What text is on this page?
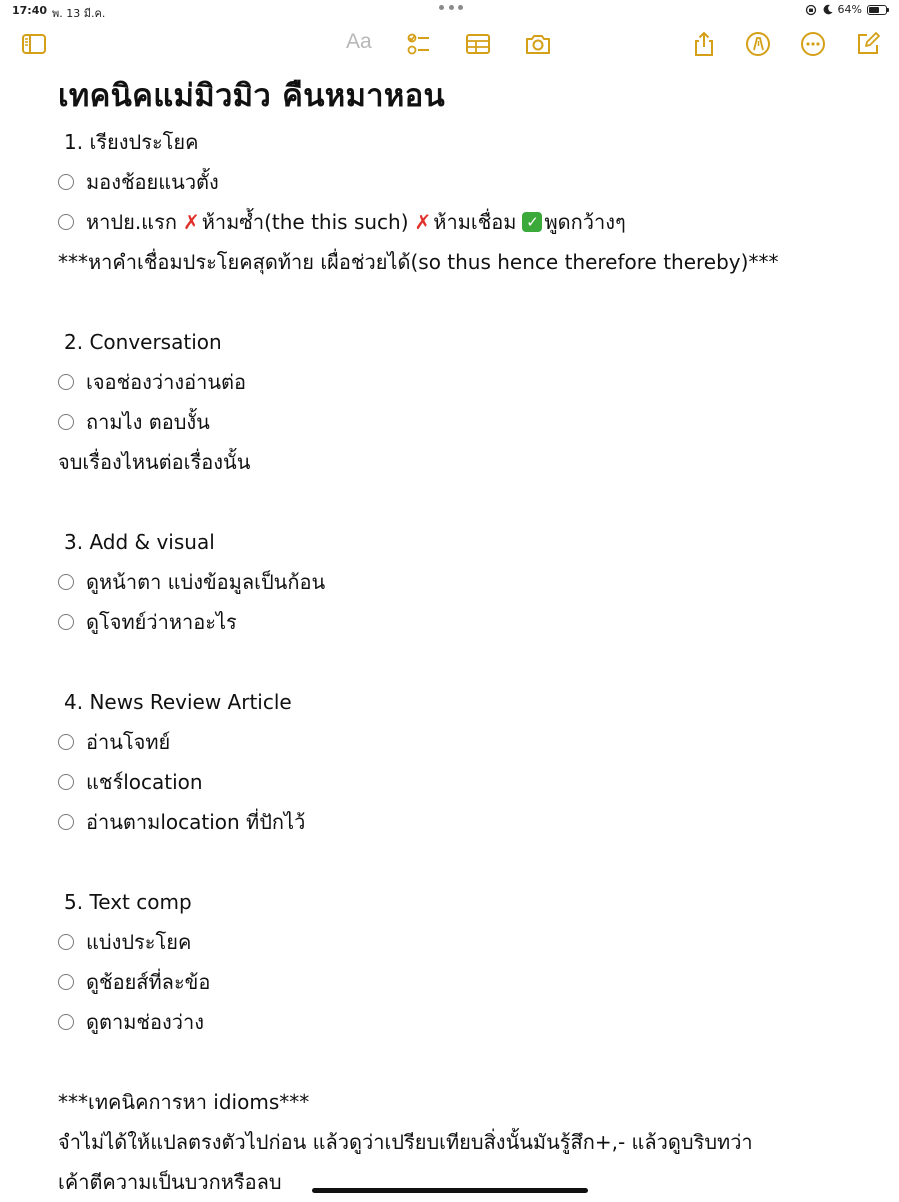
17:40 พ. 13 มี.ค.	64%
Aa
เทคนิคแม่มิวมิว คืนหมาหอน
1. เรียงประโยค
มองช้อยแนวตั้ง
หาปย.แรก ✗ ห้ามซ้ำ(the this such) ✗ ห้ามเชื่อม ✓ พูดกว้างๆ
***หาคำเชื่อมประโยคสุดท้าย เผื่อช่วยได้(so thus hence therefore thereby)***
2. Conversation
เจอช่องว่างอ่านต่อ
ถามไง ตอบงั้น
จบเรื่องไหนต่อเรื่องนั้น
3. Add & visual
ดูหน้าตา แบ่งข้อมูลเป็นก้อน
ดูโจทย์ว่าหาอะไร
4. News Review Article
อ่านโจทย์
แชร์location
อ่านตามlocation ที่ปักไว้
5. Text comp
แบ่งประโยค
ดูช้อยส์ที่ละข้อ
ดูตามช่องว่าง
***เทคนิคการหา idioms***
จำไม่ได้ให้แปลตรงตัวไปก่อน แล้วดูว่าเปรียบเทียบสิ่งนั้นมันรู้สึก+,- แล้วดูบริบทว่า
เค้าตีความเป็นบวกหรือลบ
